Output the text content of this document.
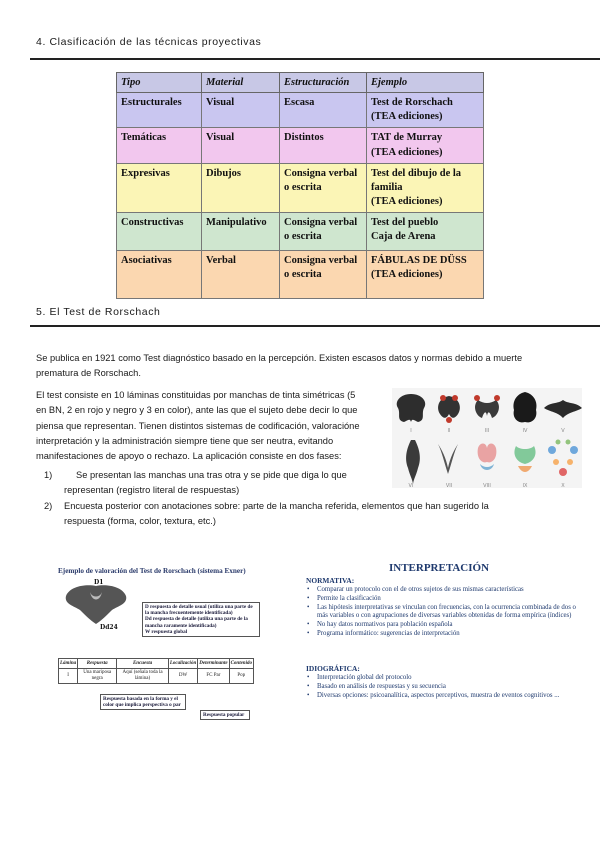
4. Clasificación de las técnicas proyectivas
Tipo	Material	Estructuración	Ejemplo
Estructurales	Visual	Escasa	Test de Rorschach
(TEA ediciones)

Temáticas	Visual	Distintos	TAT de Murray
(TEA ediciones)

Expresivas	Dibujos	Consigna verbal o escrita	Test del dibujo de la familia
(TEA ediciones)

Constructivas	Manipulativo	Consigna verbal o escrita	Test del pueblo
Caja de Arena

Asociativas	Verbal	Consigna verbal o escrita	FÁBULAS DE DÜSS (TEA ediciones)
5. El Test de Rorschach
Se publica en 1921 como Test diagnóstico basado en la percepción. Existen escasos datos y normas debido a muerte
prematura de Rorschach.
El test consiste en 10 láminas constituidas por manchas de tinta simétricas (5
en BN, 2 en rojo y negro y 3 en color), ante las que el sujeto debe decir lo que
piensa que representan. Tienen distintos sistemas de codificación, valoracióne
interpretación y la administración siempre tiene que ser neutra, evitando
manifestaciones de apoyo o rechazo. La aplicación consiste en dos fases:
1)	Se presentan las manchas una tras otra y se pide que diga lo que
representan (registro literal de respuestas)
2) Encuesta posterior con anotaciones sobre: parte de la mancha referida, elementos que han sugerido la
respuesta (forma, color, textura, etc.)
I	II	III	IV	V
VI	VII	VIII	IX	X
Ejemplo de valoración del Test de Rorschach (sistema Exner)
D1
Dd24
D respuesta de detalle usual (utiliza una parte de la mancha frecuentemente identificada)
Dd respuesta de detalle (utiliza una parte de la mancha raramente identificada)
W respuesta global
Lámina	Respuesta	Encuesta	Localización	Determinante	Contenido
I	Una mariposa negra	Aquí (señala toda la lámina)	DW	FC Par	Pop
Respuesta basada en la forma y el color que implica perspectiva o par
Respuesta popular
INTERPRETACIÓN
NORMATIVA:
• Comparar un protocolo con el de otros sujetos de sus mismas características
• Permite la clasificación
• Las hipótesis interpretativas se vinculan con frecuencias, con la ocurrencia combinada de dos o más variables o con agrupaciones de diversas variables obtenidas de forma empírica (índices)
• No hay datos normativos para población española
• Programa informático: sugerencias de interpretación
IDIOGRÁFICA:
• Interpretación global del protocolo
• Basado en análisis de respuestas y su secuencia
• Diversas opciones: psicoanalítica, aspectos perceptivos, muestra de eventos cognitivos ...
